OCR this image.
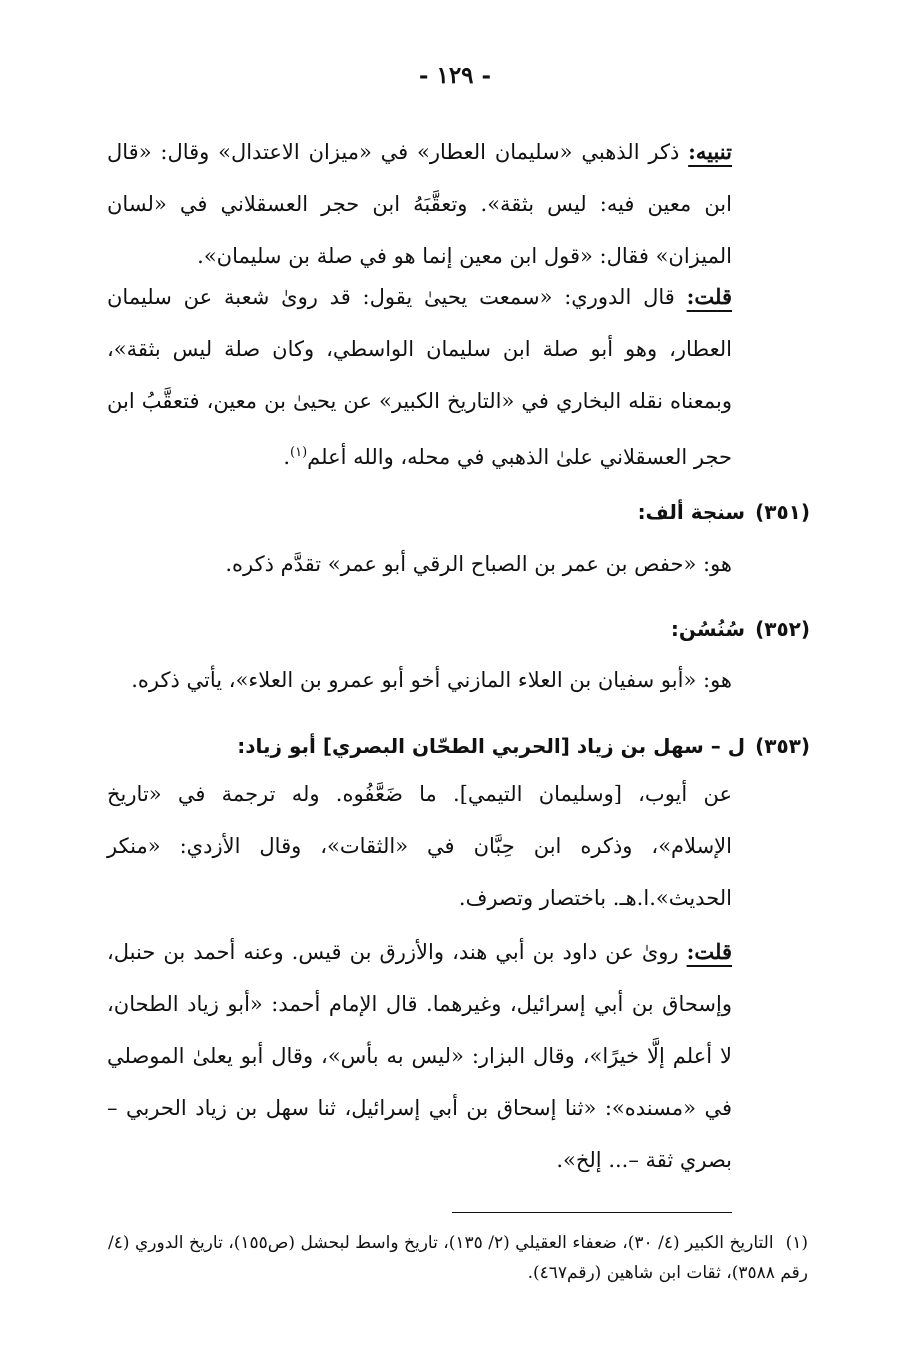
- ١٢٩ -

تنبيه: ذكر الذهبي «سليمان العطار» في «ميزان الاعتدال» وقال: «قال ابن معين فيه: ليس بثقة». وتعقَّبَهُ ابن حجر العسقلاني في «لسان الميزان» فقال: «قول ابن معين إنما هو في صلة بن سليمان».

قلت: قال الدوري: «سمعت يحيىٰ يقول: قد روىٰ شعبة عن سليمان العطار، وهو أبو صلة ابن سليمان الواسطي، وكان صلة ليس بثقة»، وبمعناه نقله البخاري في «التاريخ الكبير» عن يحيىٰ بن معين، فتعقَّبُ ابن حجر العسقلاني علىٰ الذهبي في محله، والله أعلم$^{(١)}$.

(٣٥١)سنجة ألف:

هو: «حفص بن عمر بن الصباح الرقي أبو عمر» تقدَّم ذكره.

(٣٥٢)سُنُسُن:

هو: «أبو سفيان بن العلاء المازني أخو أبو عمرو بن العلاء»، يأتي ذكره.

(٣٥٣)ل – سهل بن زياد [الحربي الطحّان البصري] أبو زياد:

عن أيوب، [وسليمان التيمي]. ما ضَعَّفُوه. وله ترجمة في «تاريخ الإسلام»، وذكره ابن حِبَّان في «الثقات»، وقال الأزدي: «منكر الحديث».ا.هـ. باختصار وتصرف.

قلت: روىٰ عن داود بن أبي هند، والأزرق بن قيس. وعنه أحمد بن حنبل، وإسحاق بن أبي إسرائيل، وغيرهما. قال الإمام أحمد: «أبو زياد الطحان، لا أعلم إلَّا خيرًا»، وقال البزار: «ليس به بأس»، وقال أبو يعلىٰ الموصلي في «مسنده»: «ثنا إسحاق بن أبي إسرائيل، ثنا سهل بن زياد الحربي – بصري ثقة –... إلخ».

(١)التاريخ الكبير (٤/ ٣٠)، ضعفاء العقيلي (٢/ ١٣٥)، تاريخ واسط لبحشل (ص١٥٥)، تاريخ الدوري (٤/ رقم ٣٥٨٨)، ثقات ابن شاهين (رقم٤٦٧).
